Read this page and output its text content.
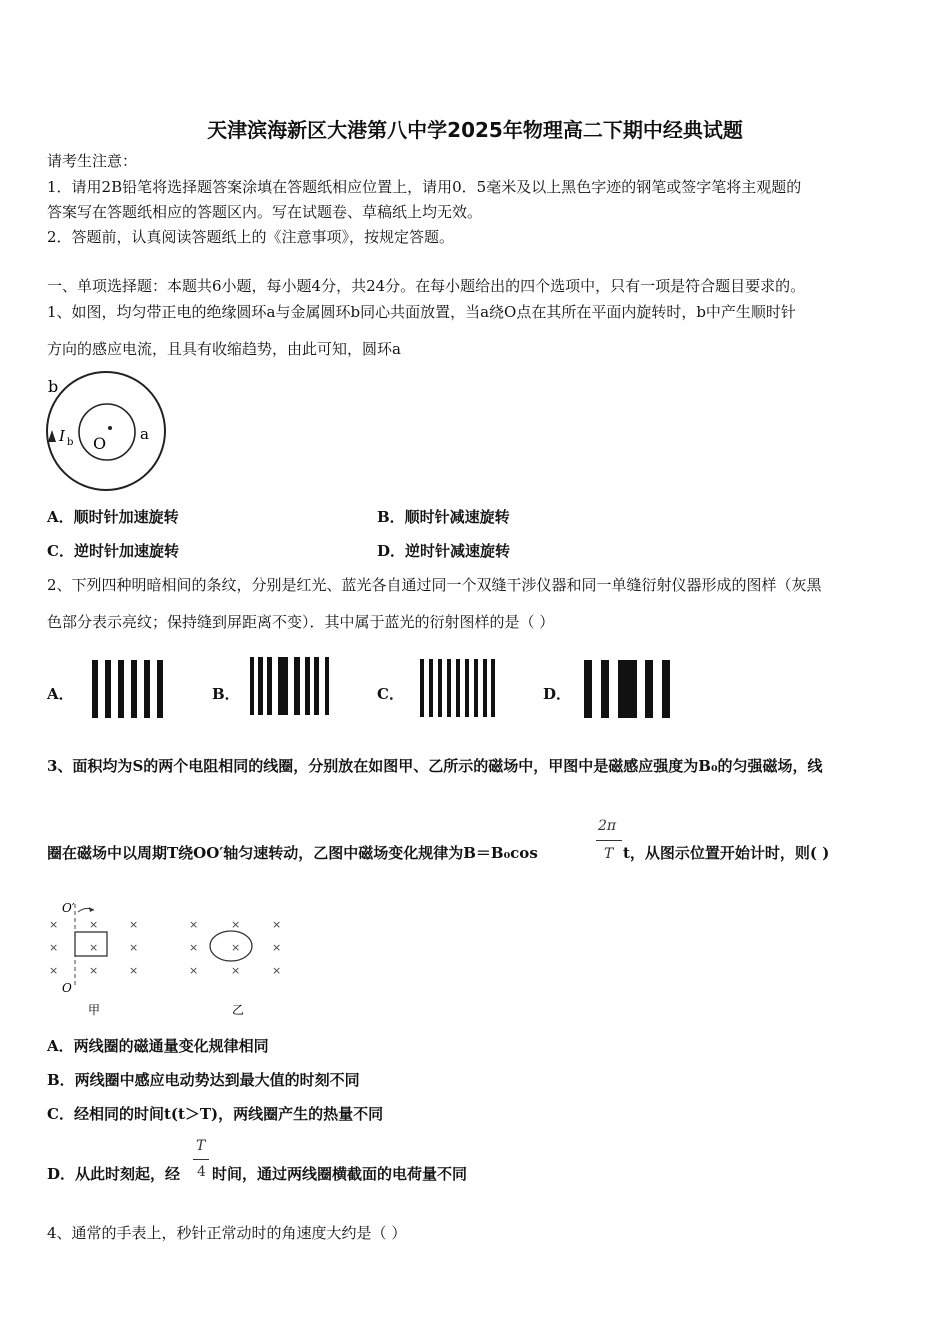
天津滨海新区大港第八中学2025年物理高二下期中经典试题
请考生注意：
1．请用2B铅笔将选择题答案涂填在答题纸相应位置上，请用0．5毫米及以上黑色字迹的钢笔或签字笔将主观题的
答案写在答题纸相应的答题区内。写在试题卷、草稿纸上均无效。
2．答题前，认真阅读答题纸上的《注意事项》，按规定答题。
一、单项选择题：本题共6小题，每小题4分，共24分。在每小题给出的四个选项中，只有一项是符合题目要求的。
1、如图，均匀带正电的绝缘圆环a与金属圆环b同心共面放置，当a绕O点在其所在平面内旋转时，b中产生顺时针
方向的感应电流，且具有收缩趋势，由此可知，圆环a
b
a
O
I b
A．顺时针加速旋转	B．顺时针减速旋转
C．逆时针加速旋转	D．逆时针减速旋转
2、下列四种明暗相间的条纹，分别是红光、蓝光各自通过同一个双缝干涉仪器和同一单缝衍射仪器形成的图样（灰黑
色部分表示亮纹；保持缝到屏距离不变）．其中属于蓝光的衍射图样的是（ ）
A．	B．	C．	D．
3、面积均为S的两个电阻相同的线圈，分别放在如图甲、乙所示的磁场中，甲图中是磁感应强度为B₀的匀强磁场，线
圈在磁场中以周期T绕OO′轴匀速转动，乙图中磁场变化规律为B＝B₀cos
2π
T t，从图示位置开始计时，则( )
×	×	×
×	×	×
×	×	×
×	×	×
×	×	×
×	×	×
O′
O
甲	乙
A．两线圈的磁通量变化规律相同
B．两线圈中感应电动势达到最大值的时刻不同
C．经相同的时间t(t＞T)，两线圈产生的热量不同
D．从此时刻起，经
T
4 时间，通过两线圈横截面的电荷量不同
4、通常的手表上，秒针正常动时的角速度大约是（ ）
